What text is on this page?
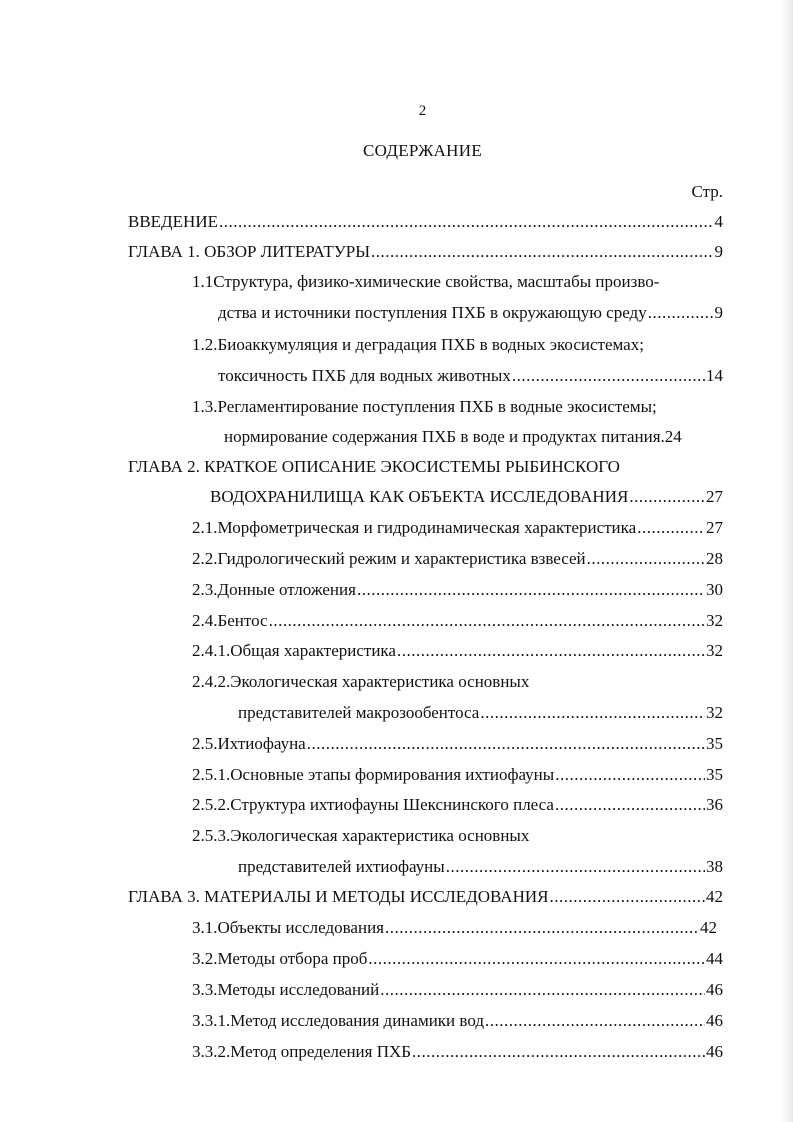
2
СОДЕРЖАНИЕ
Стр.
ВВЕДЕНИЕ .....	4
ГЛАВА 1. ОБЗОР ЛИТЕРАТУРЫ .....	9
1.1Структура, физико-химические свойства, масштабы произво-
дства и источники поступления ПХБ в окружающую среду .....	9
1.2.Биоаккумуляция и деградация ПХБ в водных экосистемах;
токсичность ПХБ для водных животных .....	14
1.3.Регламентирование поступления ПХБ в водные экосистемы;
нормирование содержания ПХБ в воде и продуктах питания. 24
ГЛАВА 2. КРАТКОЕ ОПИСАНИЕ ЭКОСИСТЕМЫ РЫБИНСКОГО
ВОДОХРАНИЛИЩА КАК ОБЪЕКТА ИССЛЕДОВАНИЯ .....	27
2.1.Морфометрическая и гидродинамическая характеристика .....	27
2.2.Гидрологический режим и характеристика взвесей .....	28
2.3.Донные отложения .....	30
2.4.Бентос .....	32
2.4.1.Общая характеристика .....	32
2.4.2.Экологическая характеристика основных
представителей макрозообентоса .....	32
2.5.Ихтиофауна .....	35
2.5.1.Основные этапы формирования ихтиофауны .....	35
2.5.2.Структура ихтиофауны Шекснинского плеса .....	36
2.5.3.Экологическая характеристика основных
представителей ихтиофауны .....	38
ГЛАВА 3. МАТЕРИАЛЫ И МЕТОДЫ ИССЛЕДОВАНИЯ .....	42
3.1.Объекты исследования .....	42
3.2.Методы отбора проб .....	44
3.3.Методы исследований .....	46
3.3.1.Метод исследования динамики вод .....	46
3.3.2.Метод определения ПХБ .....	46
